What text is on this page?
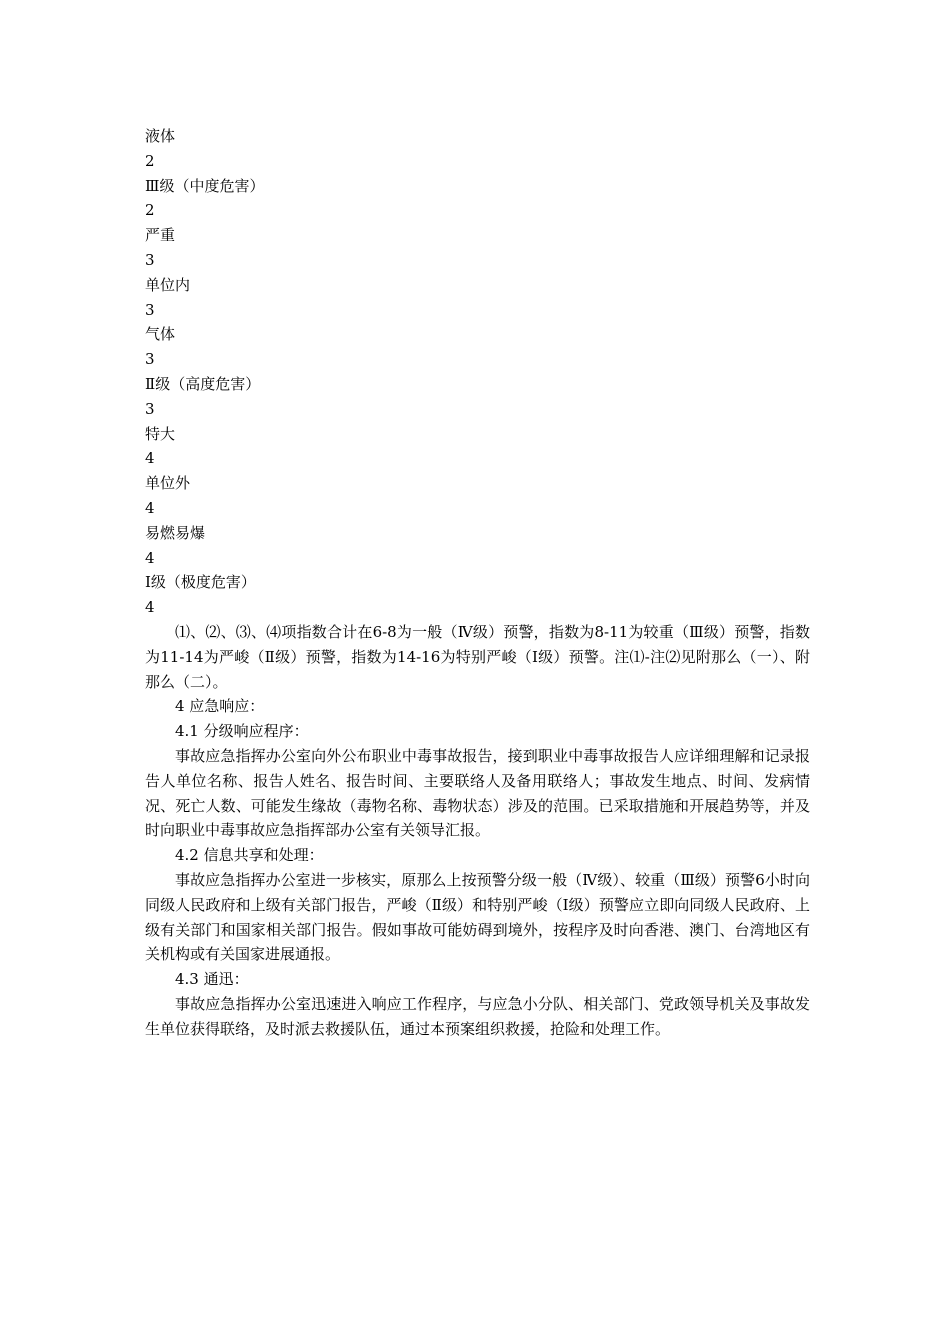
液体
2
Ⅲ级（中度危害）
2
严重
3
单位内
3
气体
3
Ⅱ级（高度危害）
3
特大
4
单位外
4
易燃易爆
4
Ⅰ级（极度危害）
4

⑴、⑵、⑶、⑷项指数合计在6-8为一般（Ⅳ级）预警，指数为8-11为较重（Ⅲ级）预警，指数为11-14为严峻（Ⅱ级）预警，指数为14-16为特别严峻（Ⅰ级）预警。注⑴-注⑵见附那么（一）、附那么（二）。

4 应急响应：

4.1 分级响应程序：

事故应急指挥办公室向外公布职业中毒事故报告，接到职业中毒事故报告人应详细理解和记录报告人单位名称、报告人姓名、报告时间、主要联络人及备用联络人；事故发生地点、时间、发病情况、死亡人数、可能发生缘故（毒物名称、毒物状态）涉及的范围。已采取措施和开展趋势等，并及时向职业中毒事故应急指挥部办公室有关领导汇报。

4.2 信息共享和处理：

事故应急指挥办公室进一步核实，原那么上按预警分级一般（Ⅳ级）、较重（Ⅲ级）预警6小时向同级人民政府和上级有关部门报告，严峻（Ⅱ级）和特别严峻（Ⅰ级）预警应立即向同级人民政府、上级有关部门和国家相关部门报告。假如事故可能妨碍到境外，按程序及时向香港、澳门、台湾地区有关机构或有关国家进展通报。

4.3 通迅：

事故应急指挥办公室迅速进入响应工作程序，与应急小分队、相关部门、党政领导机关及事故发生单位获得联络，及时派去救援队伍，通过本预案组织救援，抢险和处理工作。
